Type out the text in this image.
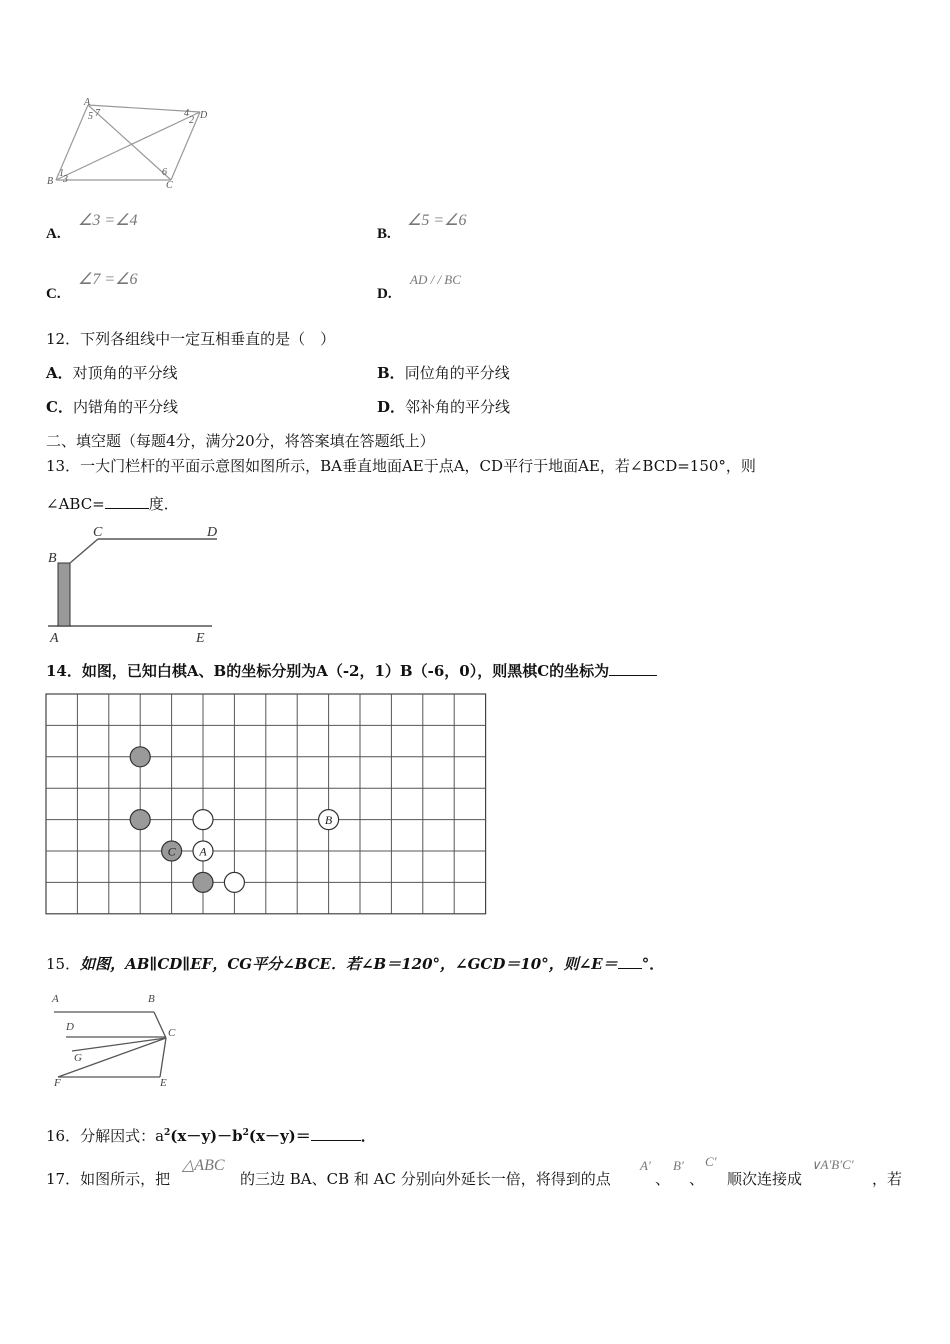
A
5 7	4
2 D
B
1
3
6
C
A.
∠3 =∠4
B.
∠5 =∠6
C.
∠7 =∠6
D.
AD / / BC
12．下列各组线中一定互相垂直的是（　）
A．对顶角的平分线	B．同位角的平分线
C．内错角的平分线	D．邻补角的平分线
二、填空题（每题4分，满分20分，将答案填在答题纸上）
13．一大门栏杆的平面示意图如图所示，BA垂直地面AE于点A，CD平行于地面AE，若∠BCD=150°，则
∠ABC=	度．
B
C	D
A	E
14．如图，已知白棋A、B的坐标分别为A（-2，1）B（-6，0），则黑棋C的坐标为
B
C A
15．如图，AB∥CD∥EF，CG平分∠BCE．若∠B＝120°，∠GCD＝10°，则∠E＝ °．
A	B
D	C
G
F	E
16．分解因式：$a^2(x-y)-b^2(x-y)=$	．
17．如图所示，把
△ABC
的三边 BA、CB 和 AC 分别向外延长一倍，将得到的点
A′
、
B′
、
C′
顺次连接成
∨A′B′C′
，若
